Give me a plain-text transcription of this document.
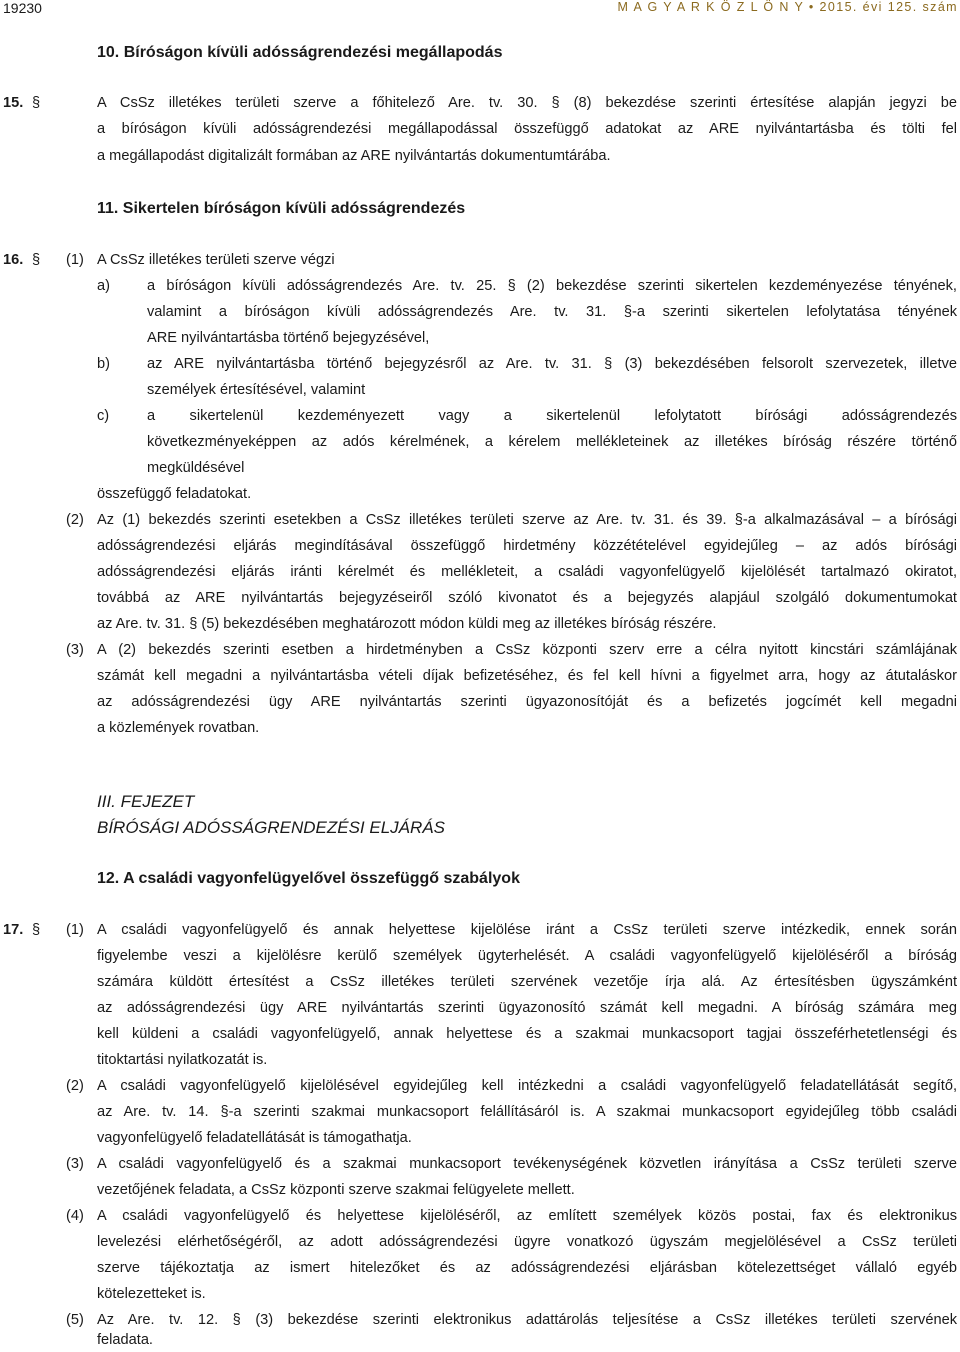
19230	M A G Y A R K Ö Z L Ö N Y • 2015. évi 125. szám
10. Bíróságon kívüli adósságrendezési megállapodás
15. §	A CsSz illetékes területi szerve a főhitelező Are. tv. 30. § (8) bekezdése szerinti értesítése alapján jegyzi be
a bíróságon kívüli adósságrendezési megállapodással összefüggő adatokat az ARE nyilvántartásba és tölti fel
a megállapodást digitalizált formában az ARE nyilvántartás dokumentumtárába.
11. Sikertelen bíróságon kívüli adósságrendezés
16. § (1) A CsSz illetékes területi szerve végzi
a)	a bíróságon kívüli adósságrendezés Are. tv. 25. § (2) bekezdése szerinti sikertelen kezdeményezése tényének,
valamint a bíróságon kívüli adósságrendezés Are. tv. 31. §-a szerinti sikertelen lefolytatása tényének
ARE nyilvántartásba történő bejegyzésével,
b)	az ARE nyilvántartásba történő bejegyzésről az Are. tv. 31. § (3) bekezdésében felsorolt szervezetek, illetve
személyek értesítésével, valamint
c)	a sikertelenül kezdeményezett vagy a sikertelenül lefolytatott bírósági adósságrendezés
következményeképpen az adós kérelmének, a kérelem mellékleteinek az illetékes bíróság részére történő
megküldésével
összefüggő feladatokat.
(2) Az (1) bekezdés szerinti esetekben a CsSz illetékes területi szerve az Are. tv. 31. és 39. §-a alkalmazásával – a bírósági
adósságrendezési eljárás megindításával összefüggő hirdetmény közzétételével egyidejűleg – az adós bírósági
adósságrendezési eljárás iránti kérelmét és mellékleteit, a családi vagyonfelügyelő kijelölését tartalmazó okiratot,
továbbá az ARE nyilvántartás bejegyzéseiről szóló kivonatot és a bejegyzés alapjául szolgáló dokumentumokat
az Are. tv. 31. § (5) bekezdésében meghatározott módon küldi meg az illetékes bíróság részére.
(3) A (2) bekezdés szerinti esetben a hirdetményben a CsSz központi szerv erre a célra nyitott kincstári számlájának
számát kell megadni a nyilvántartásba vételi díjak befizetéséhez, és fel kell hívni a figyelmet arra, hogy az átutaláskor
az adósságrendezési ügy ARE nyilvántartás szerinti ügyazonosítóját és a befizetés jogcímét kell megadni
a közlemények rovatban.
III. FEJEZET
BÍRÓSÁGI ADÓSSÁGRENDEZÉSI ELJÁRÁS
12. A családi vagyonfelügyelővel összefüggő szabályok
17. § (1) A családi vagyonfelügyelő és annak helyettese kijelölése iránt a CsSz területi szerve intézkedik, ennek során
figyelembe veszi a kijelölésre kerülő személyek ügyterhelését. A családi vagyonfelügyelő kijelöléséről a bíróság
számára küldött értesítést a CsSz illetékes területi szervének vezetője írja alá. Az értesítésben ügyszámként
az adósságrendezési ügy ARE nyilvántartás szerinti ügyazonosító számát kell megadni. A bíróság számára meg
kell küldeni a családi vagyonfelügyelő, annak helyettese és a szakmai munkacsoport tagjai összeférhetetlenségi és
titoktartási nyilatkozatát is.
(2) A családi vagyonfelügyelő kijelölésével egyidejűleg kell intézkedni a családi vagyonfelügyelő feladatellátását segítő,
az Are. tv. 14. §-a szerinti szakmai munkacsoport felállításáról is. A szakmai munkacsoport egyidejűleg több családi
vagyonfelügyelő feladatellátását is támogathatja.
(3) A családi vagyonfelügyelő és a szakmai munkacsoport tevékenységének közvetlen irányítása a CsSz területi szerve
vezetőjének feladata, a CsSz központi szerve szakmai felügyelete mellett.
(4) A családi vagyonfelügyelő és helyettese kijelöléséről, az említett személyek közös postai, fax és elektronikus
levelezési elérhetőségéről, az adott adósságrendezési ügyre vonatkozó ügyszám megjelölésével a CsSz területi
szerve tájékoztatja az ismert hitelezőket és az adósságrendezési eljárásban kötelezettséget vállaló egyéb
kötelezetteket is.
(5) Az Are. tv. 12. § (3) bekezdése szerinti elektronikus adattárolás teljesítése a CsSz illetékes területi szervének
feladata.
